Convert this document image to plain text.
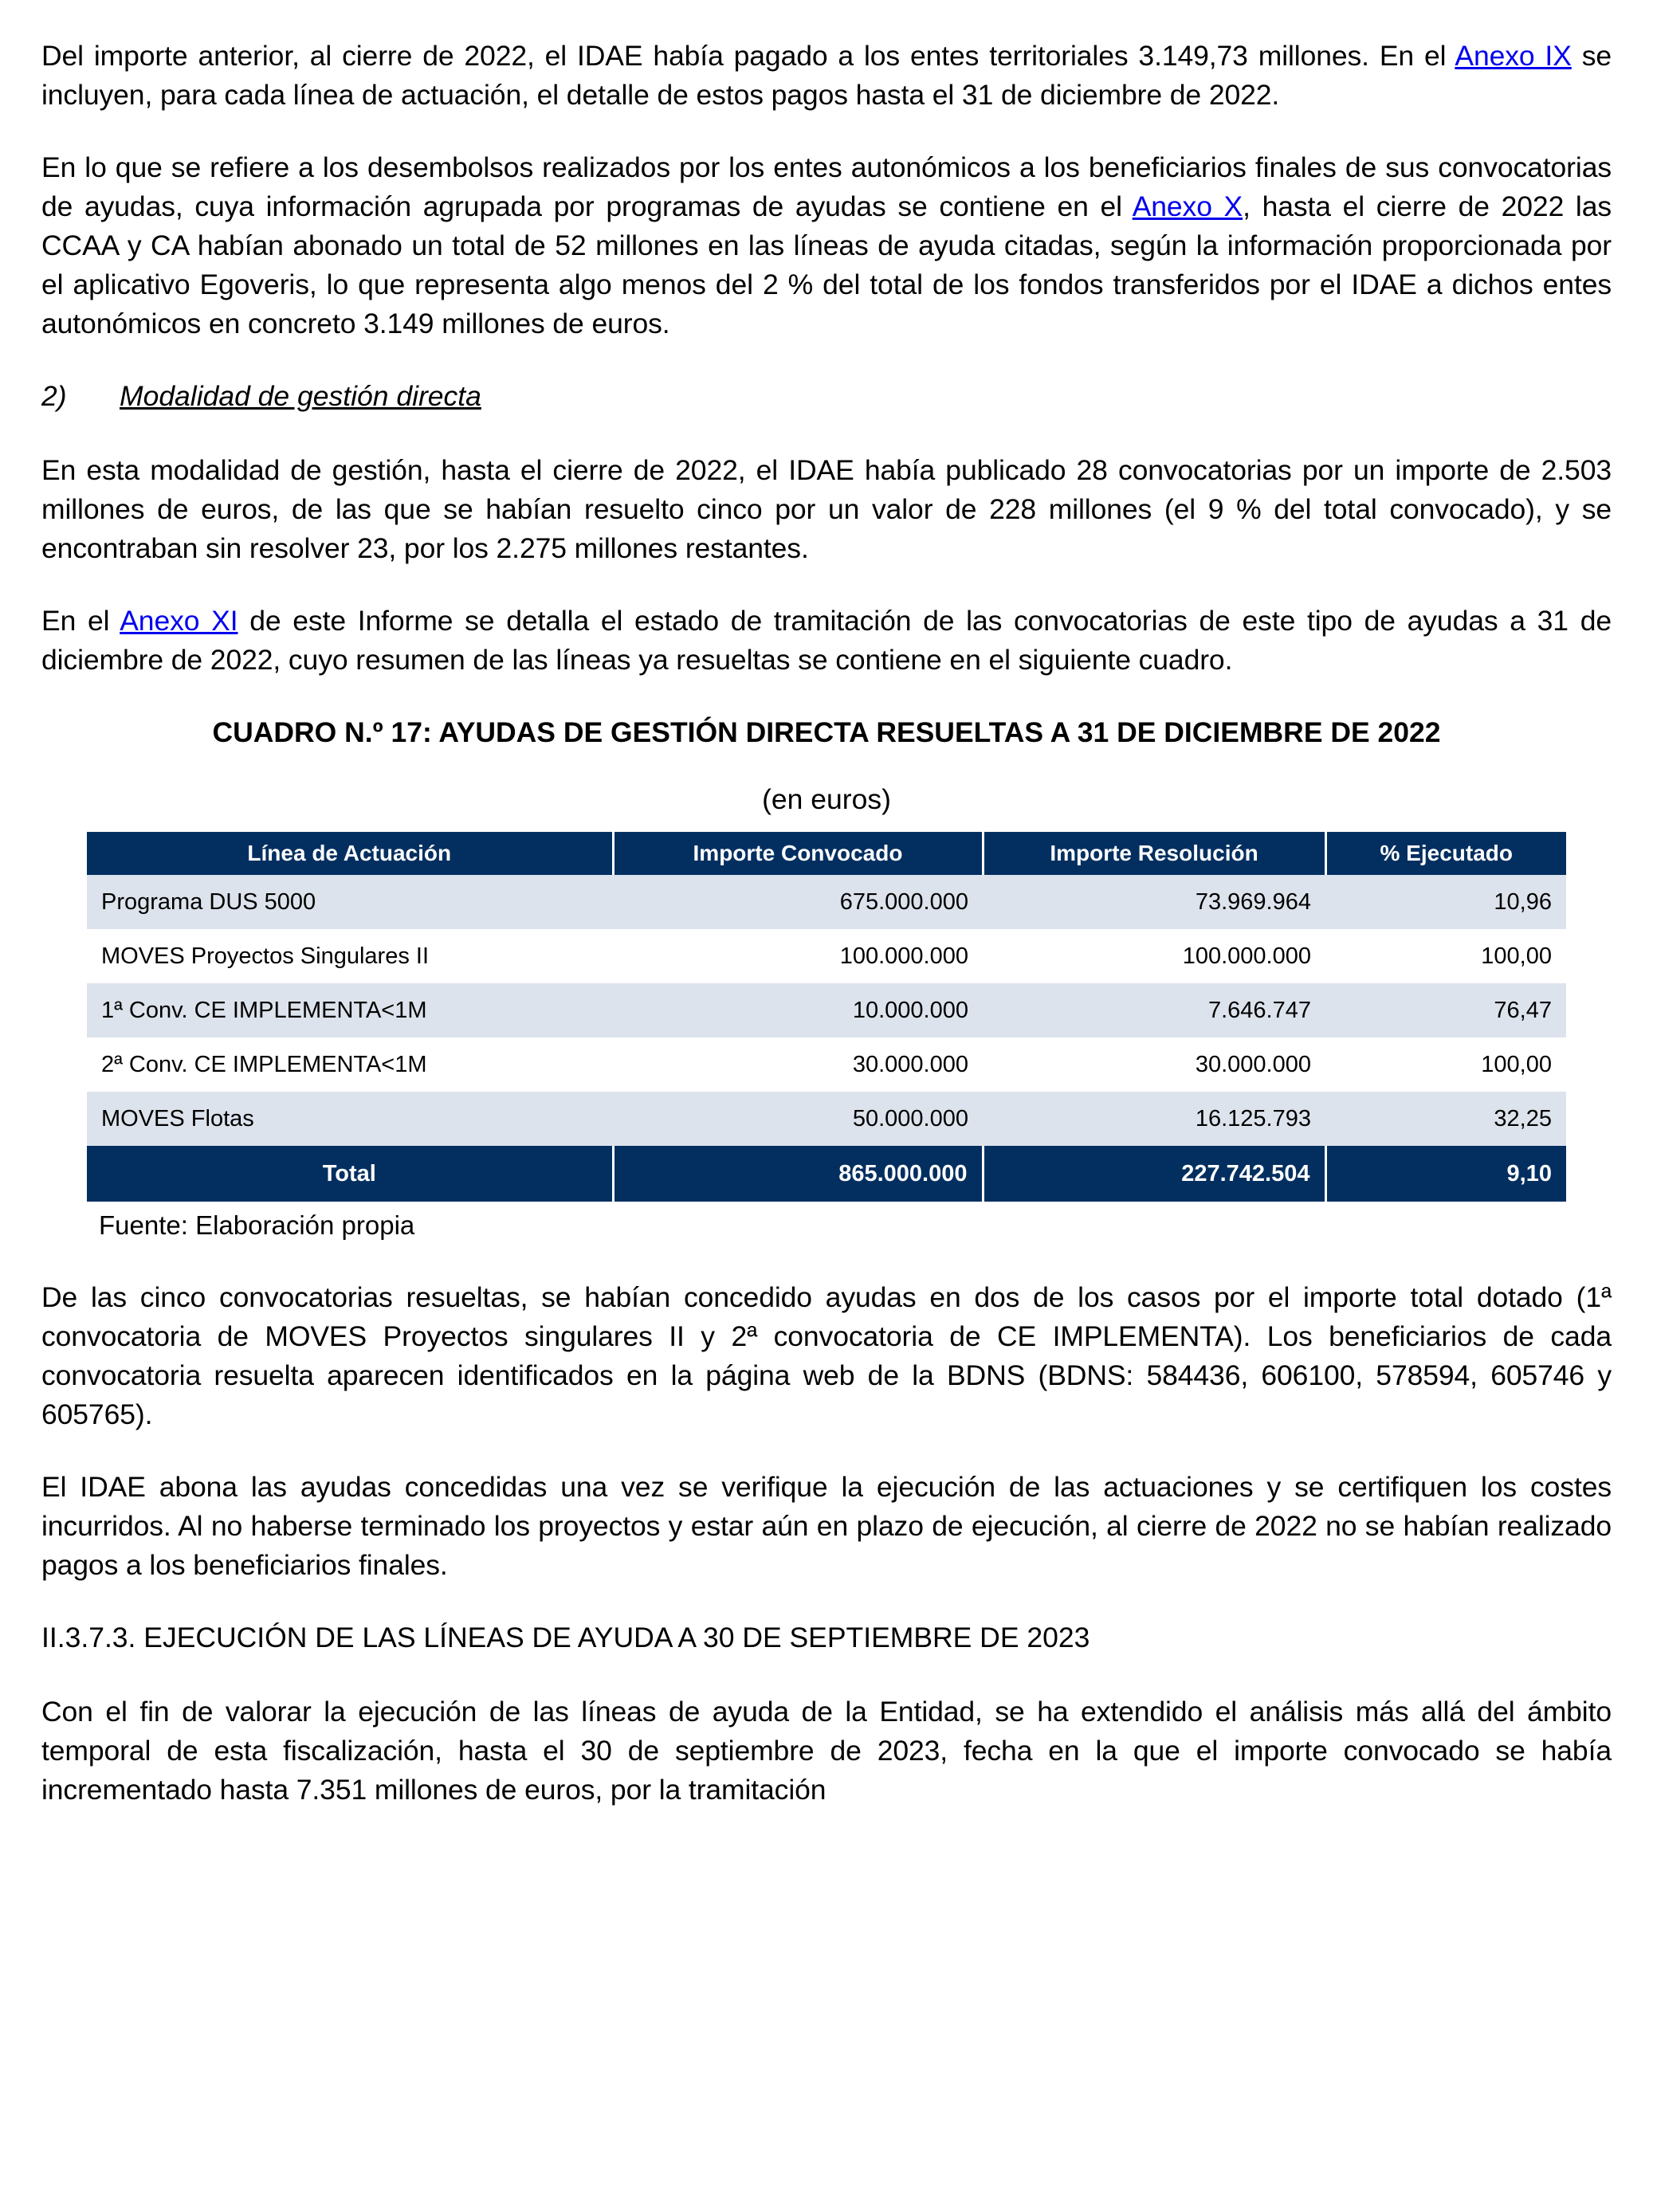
Del importe anterior, al cierre de 2022, el IDAE había pagado a los entes territoriales 3.149,73 millones. En el Anexo IX se incluyen, para cada línea de actuación, el detalle de estos pagos hasta el 31 de diciembre de 2022.

En lo que se refiere a los desembolsos realizados por los entes autonómicos a los beneficiarios finales de sus convocatorias de ayudas, cuya información agrupada por programas de ayudas se contiene en el Anexo X, hasta el cierre de 2022 las CCAA y CA habían abonado un total de 52 millones en las líneas de ayuda citadas, según la información proporcionada por el aplicativo Egoveris, lo que representa algo menos del 2 % del total de los fondos transferidos por el IDAE a dichos entes autonómicos en concreto 3.149 millones de euros.

2)	Modalidad de gestión directa

En esta modalidad de gestión, hasta el cierre de 2022, el IDAE había publicado 28 convocatorias por un importe de 2.503 millones de euros, de las que se habían resuelto cinco por un valor de 228 millones (el 9 % del total convocado), y se encontraban sin resolver 23, por los 2.275 millones restantes.

En el Anexo XI de este Informe se detalla el estado de tramitación de las convocatorias de este tipo de ayudas a 31 de diciembre de 2022, cuyo resumen de las líneas ya resueltas se contiene en el siguiente cuadro.

CUADRO N.º 17: AYUDAS DE GESTIÓN DIRECTA RESUELTAS A 31 DE DICIEMBRE DE 2022
(en euros)
Línea de Actuación	Importe Convocado	Importe Resolución	% Ejecutado
Programa DUS 5000	675.000.000	73.969.964	10,96
MOVES Proyectos Singulares II	100.000.000	100.000.000	100,00
1ª Conv. CE IMPLEMENTA<1M	10.000.000	7.646.747	76,47
2ª Conv. CE IMPLEMENTA<1M	30.000.000	30.000.000	100,00
MOVES Flotas	50.000.000	16.125.793	32,25
Total	865.000.000	227.742.504	9,10
Fuente: Elaboración propia

De las cinco convocatorias resueltas, se habían concedido ayudas en dos de los casos por el importe total dotado (1ª convocatoria de MOVES Proyectos singulares II y 2ª convocatoria de CE IMPLEMENTA). Los beneficiarios de cada convocatoria resuelta aparecen identificados en la página web de la BDNS (BDNS: 584436, 606100, 578594, 605746 y 605765).

El IDAE abona las ayudas concedidas una vez se verifique la ejecución de las actuaciones y se certifiquen los costes incurridos. Al no haberse terminado los proyectos y estar aún en plazo de ejecución, al cierre de 2022 no se habían realizado pagos a los beneficiarios finales.

II.3.7.3. EJECUCIÓN DE LAS LÍNEAS DE AYUDA A 30 DE SEPTIEMBRE DE 2023

Con el fin de valorar la ejecución de las líneas de ayuda de la Entidad, se ha extendido el análisis más allá del ámbito temporal de esta fiscalización, hasta el 30 de septiembre de 2023, fecha en la que el importe convocado se había incrementado hasta 7.351 millones de euros, por la tramitación
